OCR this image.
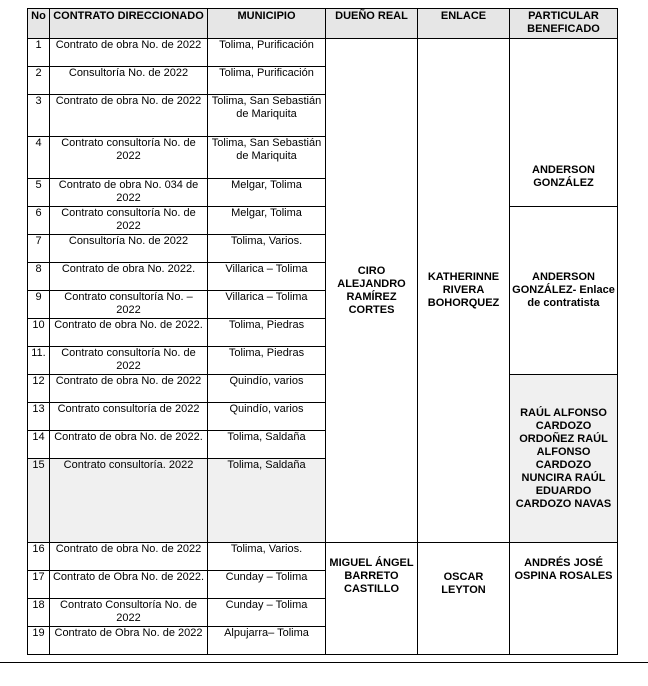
No	CONTRATO DIRECCIONADO	MUNICIPIO	DUEÑO REAL	ENLACE	PARTICULAR BENEFICADO
1	Contrato de obra No. de 2022	Tolima, Purificación	CIRO ALEJANDRO RAMÍREZ CORTES	KATHERINNE RIVERA BOHORQUEZ	ANDERSON GONZÁLEZ
2	Consultoría No. de 2022	Tolima, Purificación			
3	Contrato de obra No. de 2022	Tolima, San Sebastián de Mariquita			
4	Contrato consultoría No. de 2022	Tolima, San Sebastián de Mariquita			
5	Contrato de obra No. 034 de 2022	Melgar, Tolima			
6	Contrato consultoría No. de 2022	Melgar, Tolima			ANDERSON GONZÁLEZ- Enlace de contratista
7	Consultoría No. de 2022	Tolima, Varios.			
8	Contrato de obra No. 2022.	Villarica – Tolima			
9	Contrato consultoría No. – 2022	Villarica – Tolima			
10	Contrato de obra No. de 2022.	Tolima, Piedras			
11.	Contrato consultoría No. de 2022	Tolima, Piedras			
12	Contrato de obra No. de 2022	Quindío, varios			RAÚL ALFONSO CARDOZO ORDOÑEZ RAÚL ALFONSO CARDOZO NUNCIRA RAÚL EDUARDO CARDOZO NAVAS
13	Contrato consultoría de 2022	Quindío, varios			
14	Contrato de obra No. de 2022.	Tolima, Saldaña			
15	Contrato consultoría. 2022	Tolima, Saldaña			
16	Contrato de obra No. de 2022	Tolima, Varios.	MIGUEL ÁNGEL BARRETO CASTILLO	OSCAR LEYTON	ANDRÉS JOSÉ OSPINA ROSALES
17	Contrato de Obra No. de 2022.	Cunday – Tolima			
18	Contrato Consultoría No. de 2022	Cunday – Tolima			
19	Contrato de Obra No. de 2022	Alpujarra– Tolima			
